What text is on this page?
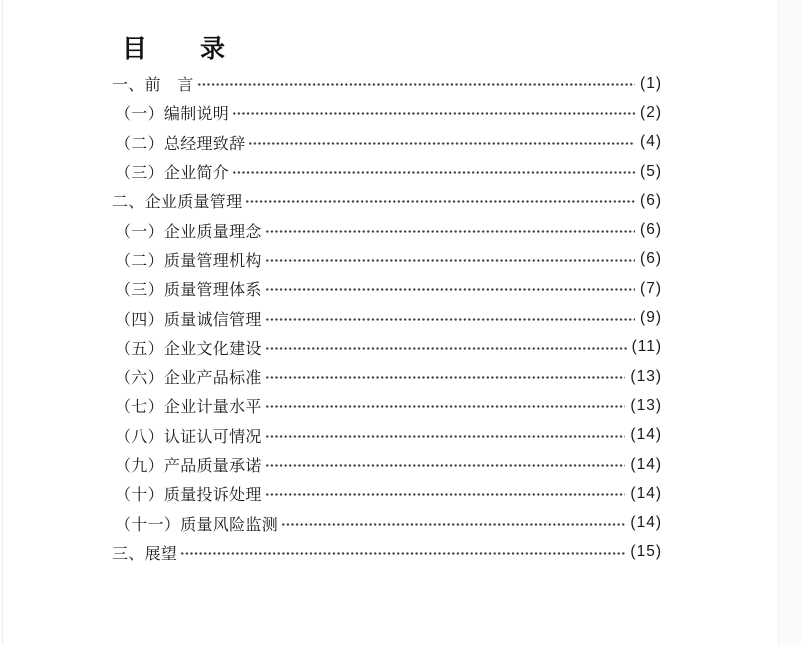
目　　录
一、前　言	(1)
（一）编制说明	(2)
（二）总经理致辞	(4)
（三）企业简介	(5)
二、企业质量管理	(6)
（一）企业质量理念	(6)
（二）质量管理机构	(6)
（三）质量管理体系	(7)
（四）质量诚信管理	(9)
（五）企业文化建设	(11)
（六）企业产品标准	(13)
（七）企业计量水平	(13)
（八）认证认可情况	(14)
（九）产品质量承诺	(14)
（十）质量投诉处理	(14)
（十一）质量风险监测	(14)
三、展望	(15)
